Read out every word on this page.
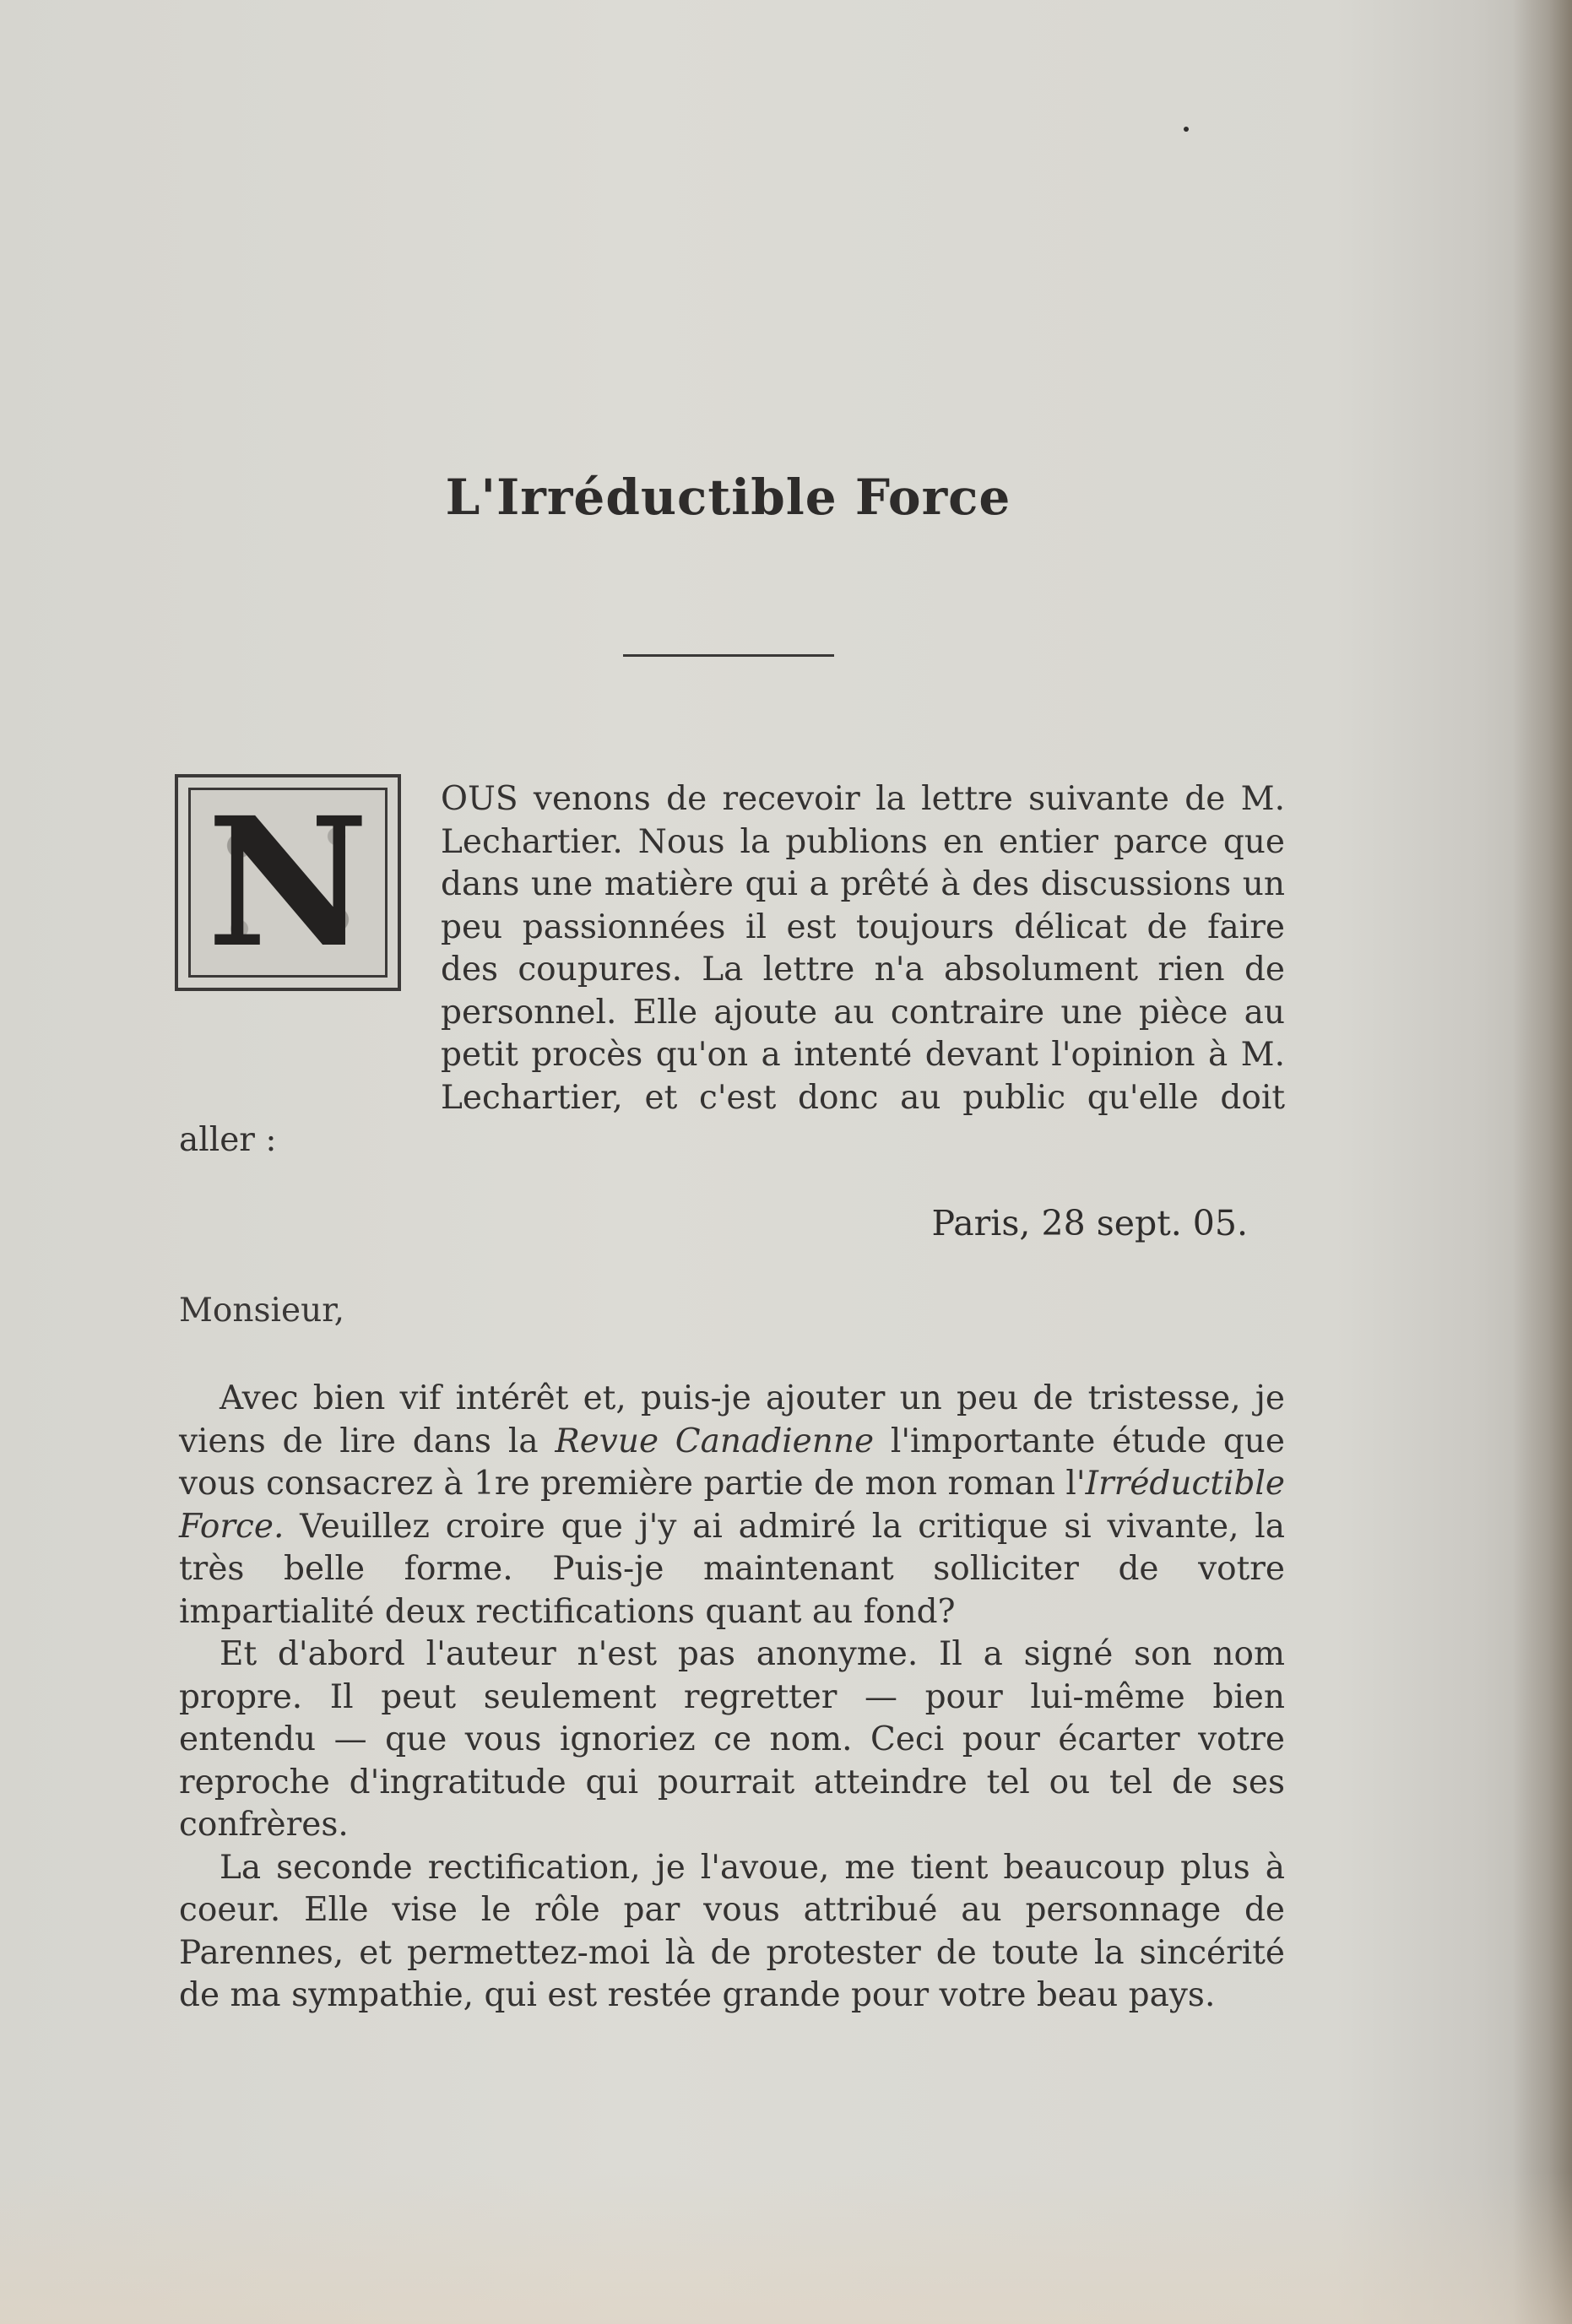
L'Irréductible Force
N	OUS venons de recevoir la lettre suivante de M. Lechartier. Nous la publions en entier parce que dans une matière qui a prêté à des discussions un peu passionnées il est toujours délicat de faire des coupures. La lettre n'a absolument rien de personnel. Elle ajoute au contraire une pièce au petit procès qu'on a intenté devant l'opinion à M. Lechartier, et c'est donc au public qu'elle doit aller :
Paris, 28 sept. 05.
Monsieur,

Avec bien vif intérêt et, puis-je ajouter un peu de tristesse, je viens de lire dans la Revue Canadienne l'importante étude que vous consacrez à 1re première partie de mon roman l'Irréductible Force. Veuillez croire que j'y ai admiré la critique si vivante, la très belle forme. Puis-je maintenant solliciter de votre impartialité deux rectifications quant au fond?

Et d'abord l'auteur n'est pas anonyme. Il a signé son nom propre. Il peut seulement regretter — pour lui-même bien entendu — que vous ignoriez ce nom. Ceci pour écarter votre reproche d'ingratitude qui pourrait atteindre tel ou tel de ses confrères.

La seconde rectification, je l'avoue, me tient beaucoup plus à coeur. Elle vise le rôle par vous attribué au personnage de Parennes, et permettez-moi là de protester de toute la sincérité de ma sympathie, qui est restée grande pour votre beau pays.
